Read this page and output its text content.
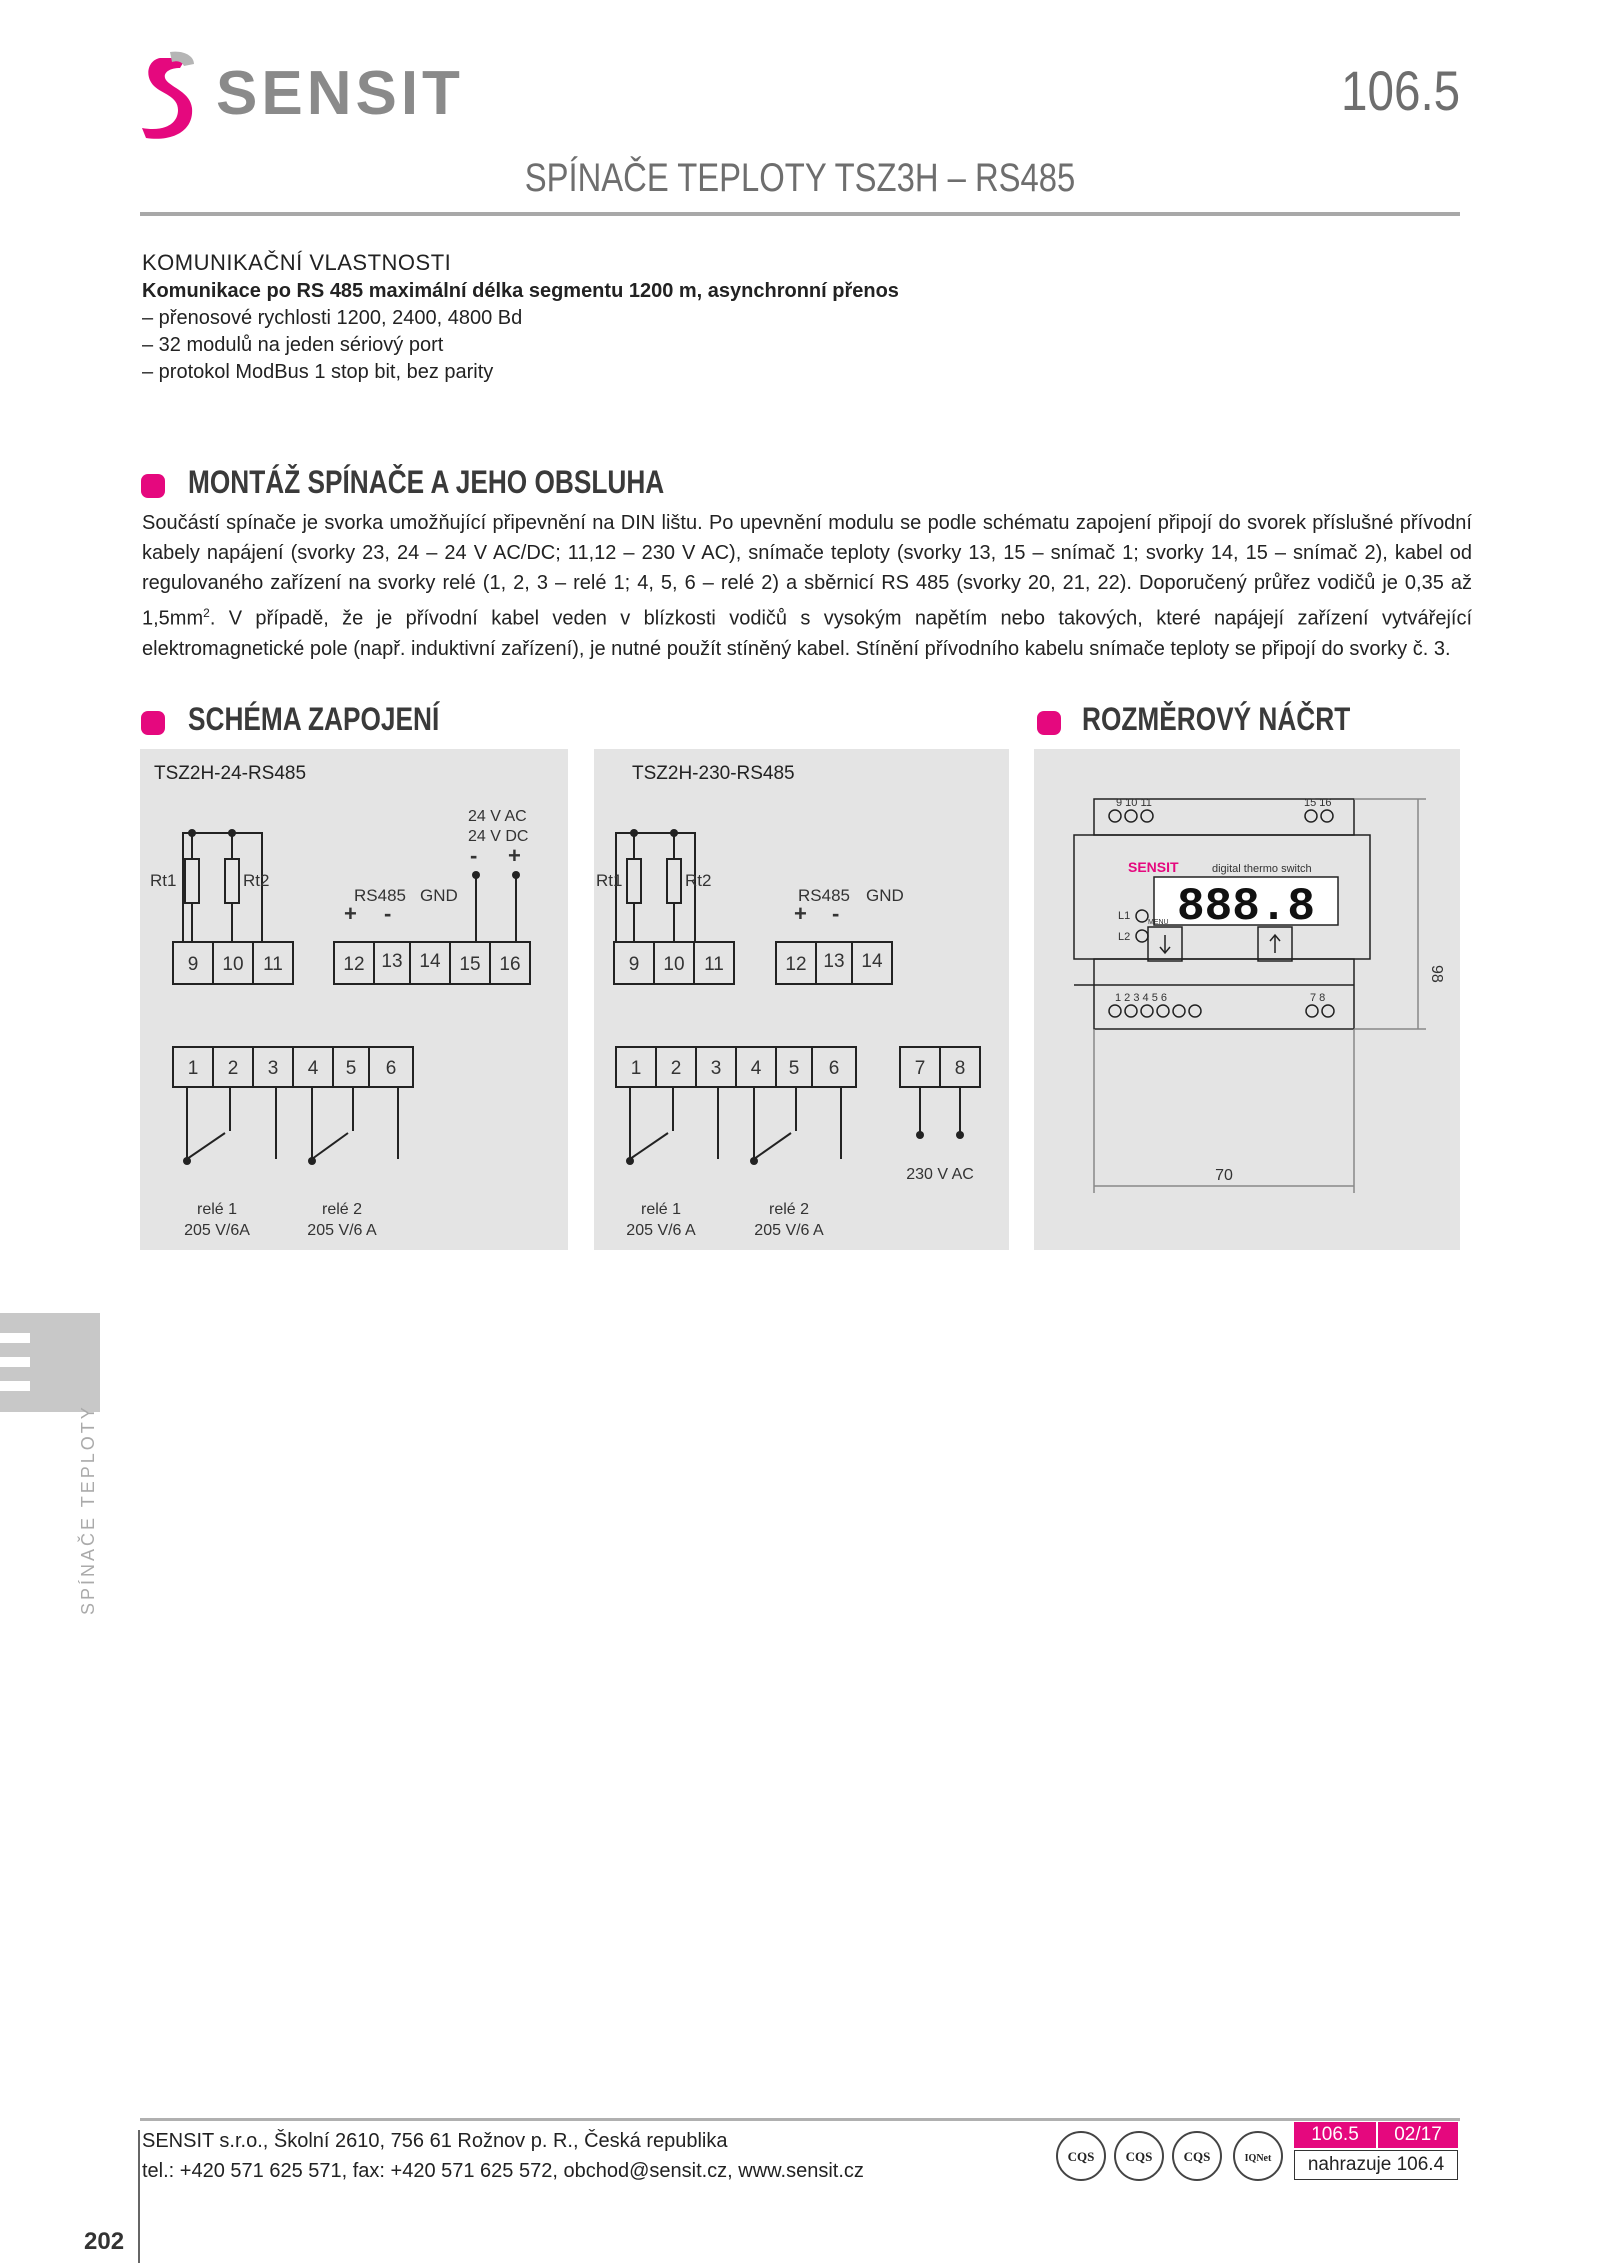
SENSIT	106.5
SPÍNAČE TEPLOTY TSZ3H – RS485
KOMUNIKAČNÍ VLASTNOSTI
Komunikace po RS 485 maximální délka segmentu 1200 m, asynchronní přenos
– přenosové rychlosti 1200, 2400, 4800 Bd
– 32 modulů na jeden sériový port
– protokol ModBus 1 stop bit, bez parity
MONTÁŽ SPÍNAČE A JEHO OBSLUHA
Součástí spínače je svorka umožňující připevnění na DIN lištu. Po upevnění modulu se podle schématu zapojení připojí do svorek příslušné přívodní kabely napájení (svorky 23, 24 – 24 V AC/DC; 11,12 – 230 V AC), snímače teploty (svorky 13, 15 – snímač 1; svorky 14, 15 – snímač 2), kabel od regulovaného zařízení na svorky relé (1, 2, 3 – relé 1; 4, 5, 6 – relé 2) a sběrnicí RS 485 (svorky 20, 21, 22). Doporučený průřez vodičů je 0,35 až $1,5mm^2$. V případě, že je přívodní kabel veden v blízkosti vodičů s vysokým napětím nebo takových, které napájejí zařízení vytvářející elektromagnetické pole (např. induktivní zařízení), je nutné použít stíněný kabel. Stínění přívodního kabelu snímače teploty se připojí do svorky č. 3.
SCHÉMA ZAPOJENÍ	ROZMĚROVÝ NÁČRT
TSZ2H-24-RS485
Rt1	Rt2
24 V AC
24 V DC
- +
RS485 GND
+ -
9 10 11	12 13 14 15 16
1 2 3 4 5 6
relé 1
205 V/6A
relé 2
205 V/6 A
TSZ2H-230-RS485
Rt1	Rt2
RS485 GND
+ -
9 10 11	12 13 14
1 2 3 4 5 6	7 8
230 V AC
relé 1
205 V/6 A
relé 2
205 V/6 A
9 10 11	15 16
SENSIT	digital thermo switch
888.8
L1
L2
MENU
1 2 3 4 5 6	7 8
70
98
SPÍNAČE TEPLOTY
202
SENSIT s.r.o., Školní 2610, 756 61 Rožnov p. R., Česká republika
tel.: +420 571 625 571, fax: +420 571 625 572, obchod@sensit.cz, www.sensit.cz
CQS CQS CQS	IQNet
106.5	02/17
nahrazuje 106.4
